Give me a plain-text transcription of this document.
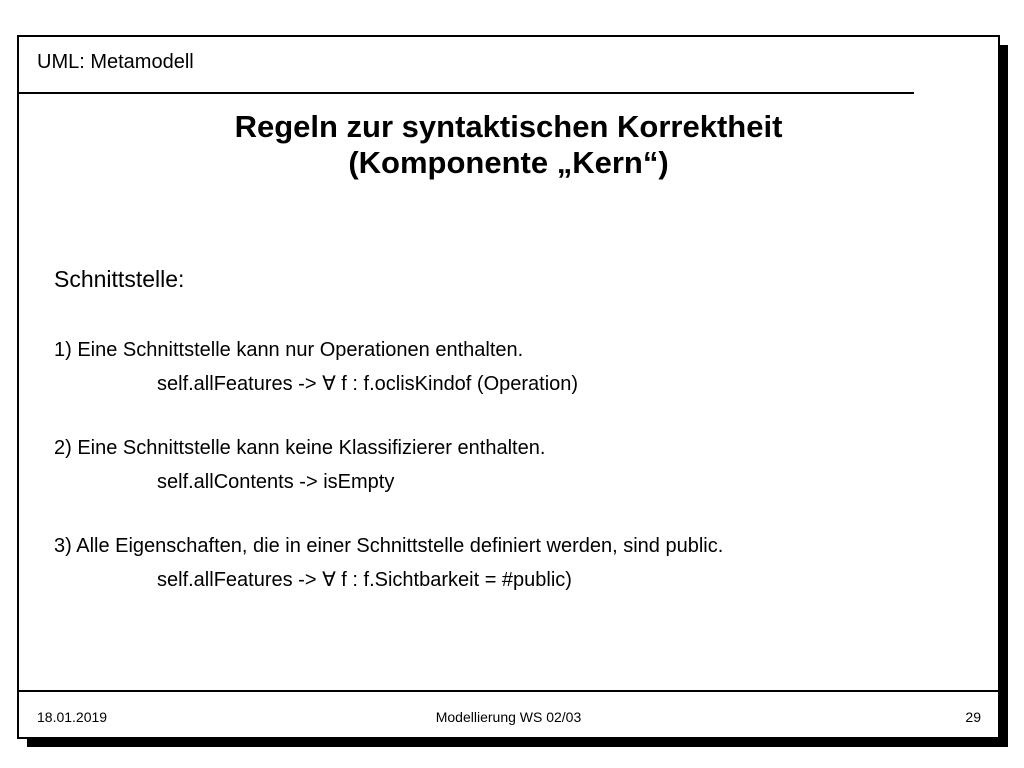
UML: Metamodell
Regeln zur syntaktischen Korrektheit
(Komponente „Kern“)
Schnittstelle:
1) Eine Schnittstelle kann nur Operationen enthalten.
self.allFeatures -> ∀ f : f.oclisKindof (Operation)
2) Eine Schnittstelle kann keine Klassifizierer enthalten.
self.allContents -> isEmpty
3) Alle Eigenschaften, die in einer Schnittstelle definiert werden, sind public.
self.allFeatures -> ∀ f : f.Sichtbarkeit = #public)
18.01.2019	Modellierung WS 02/03	29
